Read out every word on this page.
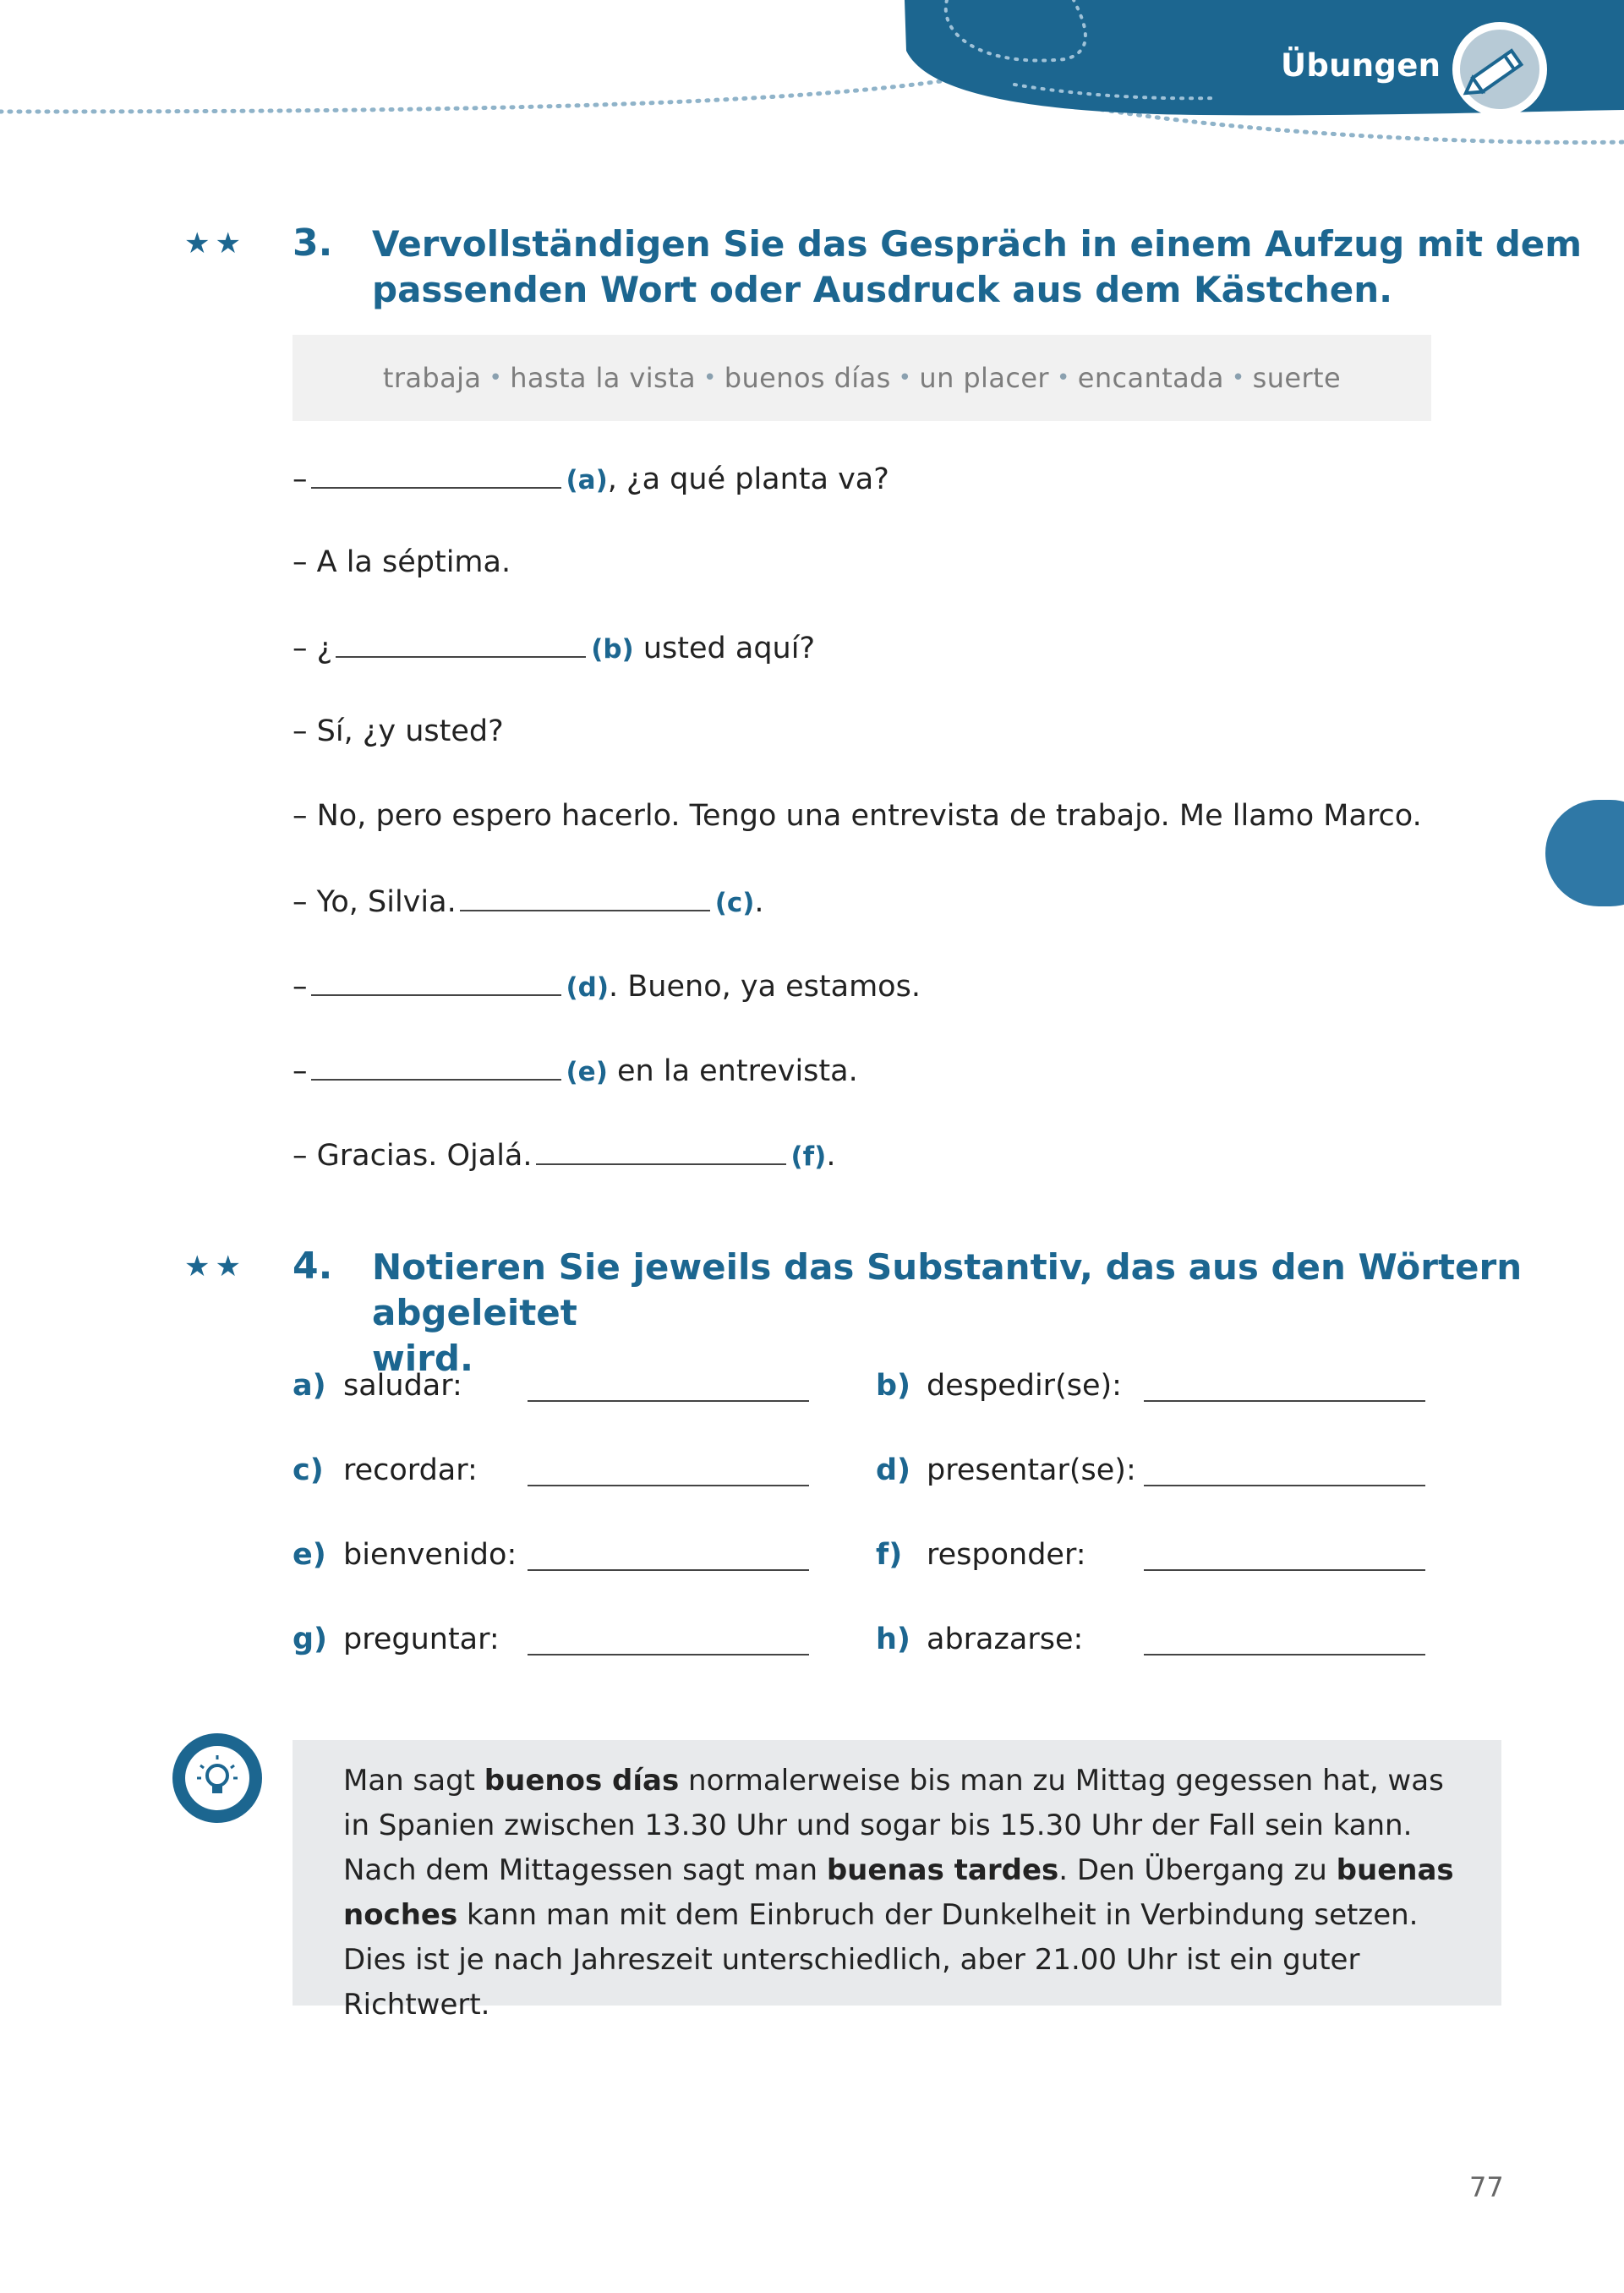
Übungen
★★ 3. Vervollständigen Sie das Gespräch in einem Aufzug mit dem
passenden Wort oder Ausdruck aus dem Kästchen.
trabaja • hasta la vista • buenos días • un placer • encantada • suerte
–	(a), ¿a qué planta va?
– A la séptima.
– ¿	(b) usted aquí?
– Sí, ¿y usted?
– No, pero espero hacerlo. Tengo una entrevista de trabajo. Me llamo Marco.
– Yo, Silvia.	(c).
–	(d). Bueno, ya estamos.
–	(e) en la entrevista.
– Gracias. Ojalá.	(f).
★★ 4. Notieren Sie jeweils das Substantiv, das aus den Wörtern abgeleitet
wird.
a) saludar:	b) despedir(se):
c) recordar:	d) presentar(se):
e) bienvenido:	f) responder:
g) preguntar:	h) abrazarse:
Man sagt buenos días normalerweise bis man zu Mittag gegessen hat, was in Spanien zwischen 13.30 Uhr und sogar bis 15.30 Uhr der Fall sein kann. Nach dem Mittagessen sagt man buenas tardes. Den Übergang zu buenas noches kann man mit dem Einbruch der Dunkelheit in Verbindung setzen. Dies ist je nach Jahreszeit unterschiedlich, aber 21.00 Uhr ist ein guter Richtwert.
77
